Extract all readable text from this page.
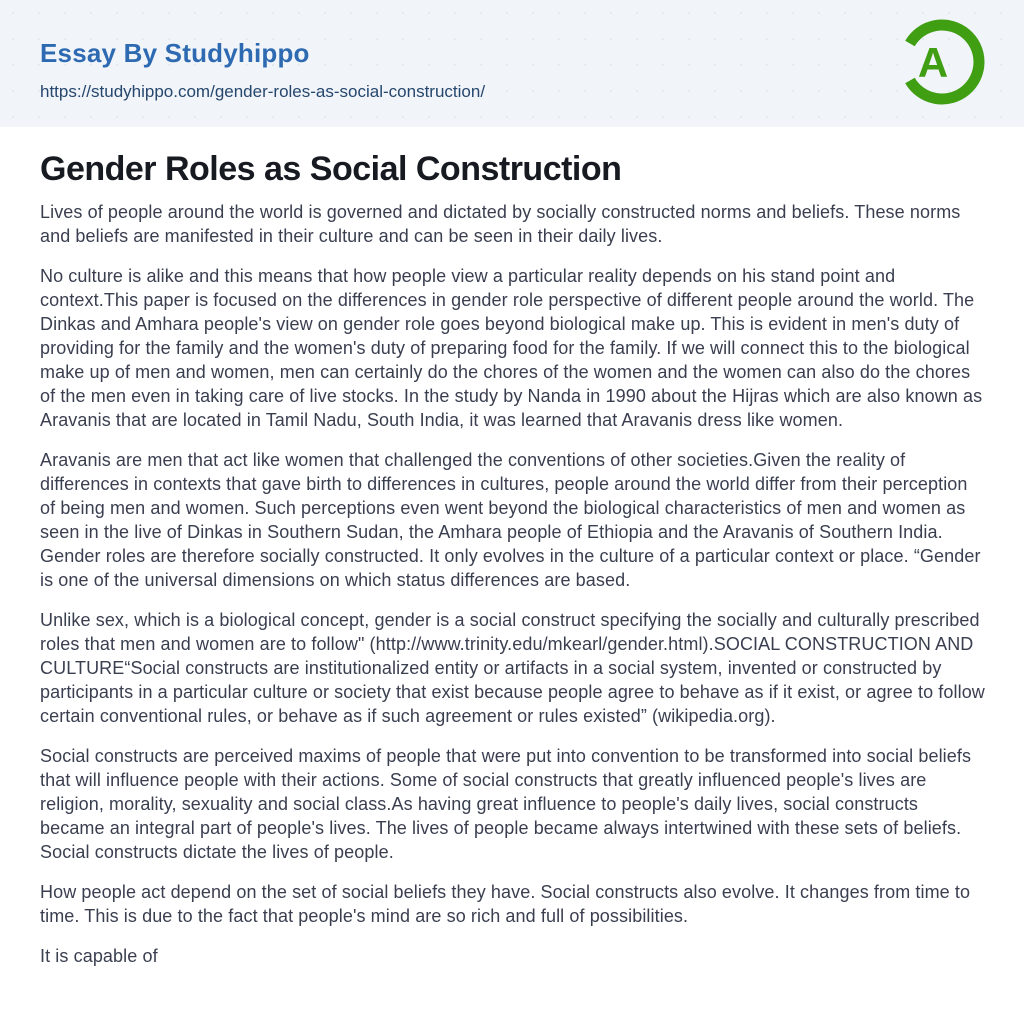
Essay By Studyhippo
https://studyhippo.com/gender-roles-as-social-construction/
A
Gender Roles as Social Construction

Lives of people around the world is governed and dictated by socially constructed norms and beliefs. These norms and beliefs are manifested in their culture and can be seen in their daily lives.

No culture is alike and this means that how people view a particular reality depends on his stand point and context.This paper is focused on the differences in gender role perspective of different people around the world. The Dinkas and Amhara people's view on gender role goes beyond biological make up. This is evident in men's duty of providing for the family and the women's duty of preparing food for the family. If we will connect this to the biological make up of men and women, men can certainly do the chores of the women and the women can also do the chores of the men even in taking care of live stocks. In the study by Nanda in 1990 about the Hijras which are also known as Aravanis that are located in Tamil Nadu, South India, it was learned that Aravanis dress like women.

Aravanis are men that act like women that challenged the conventions of other societies.Given the reality of differences in contexts that gave birth to differences in cultures, people around the world differ from their perception of being men and women. Such perceptions even went beyond the biological characteristics of men and women as seen in the live of Dinkas in Southern Sudan, the Amhara people of Ethiopia and the Aravanis of Southern India. Gender roles are therefore socially constructed. It only evolves in the culture of a particular context or place. “Gender is one of the universal dimensions on which status differences are based.

Unlike sex, which is a biological concept, gender is a social construct specifying the socially and culturally prescribed roles that men and women are to follow" (http://www.trinity.edu/mkearl/gender.html).SOCIAL CONSTRUCTION AND CULTURE“Social constructs are institutionalized entity or artifacts in a social system, invented or constructed by participants in a particular culture or society that exist because people agree to behave as if it exist, or agree to follow certain conventional rules, or behave as if such agreement or rules existed” (wikipedia.org).

Social constructs are perceived maxims of people that were put into convention to be transformed into social beliefs that will influence people with their actions. Some of social constructs that greatly influenced people's lives are religion, morality, sexuality and social class.As having great influence to people's daily lives, social constructs became an integral part of people's lives. The lives of people became always intertwined with these sets of beliefs. Social constructs dictate the lives of people.

How people act depend on the set of social beliefs they have. Social constructs also evolve. It changes from time to time. This is due to the fact that people's mind are so rich and full of possibilities.

It is capable of
